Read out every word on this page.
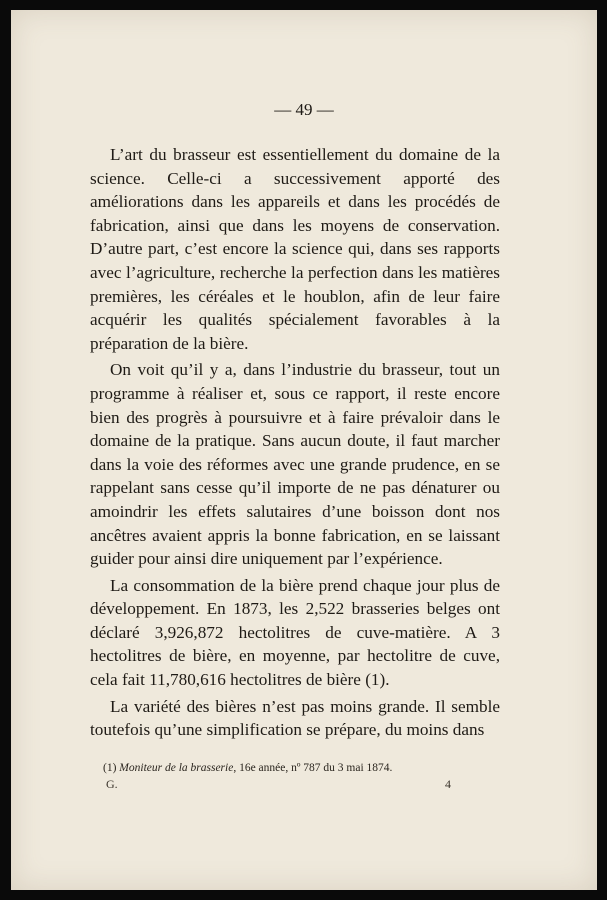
— 49 —

L’art du brasseur est essentiellement du domaine de la science. Celle-ci a successivement apporté des améliorations dans les appareils et dans les procédés de fabrication, ainsi que dans les moyens de conservation. D’autre part, c’est encore la science qui, dans ses rapports avec l’agriculture, recherche la perfection dans les matières premières, les céréales et le houblon, afin de leur faire acquérir les qualités spécialement favorables à la préparation de la bière.

On voit qu’il y a, dans l’industrie du brasseur, tout un programme à réaliser et, sous ce rapport, il reste encore bien des progrès à poursuivre et à faire prévaloir dans le domaine de la pratique. Sans aucun doute, il faut marcher dans la voie des réformes avec une grande prudence, en se rappelant sans cesse qu’il importe de ne pas dénaturer ou amoindrir les effets salutaires d’une boisson dont nos ancêtres avaient appris la bonne fabrication, en se laissant guider pour ainsi dire uniquement par l’expérience.

La consommation de la bière prend chaque jour plus de développement. En 1873, les 2,522 brasseries belges ont déclaré 3,926,872 hectolitres de cuve-matière. A 3 hectolitres de bière, en moyenne, par hectolitre de cuve, cela fait 11,780,616 hectolitres de bière (1).

La variété des bières n’est pas moins grande. Il semble toutefois qu’une simplification se prépare, du moins dans

(1) Moniteur de la brasserie, 16e année, nº 787 du 3 mai 1874.
G.	4
